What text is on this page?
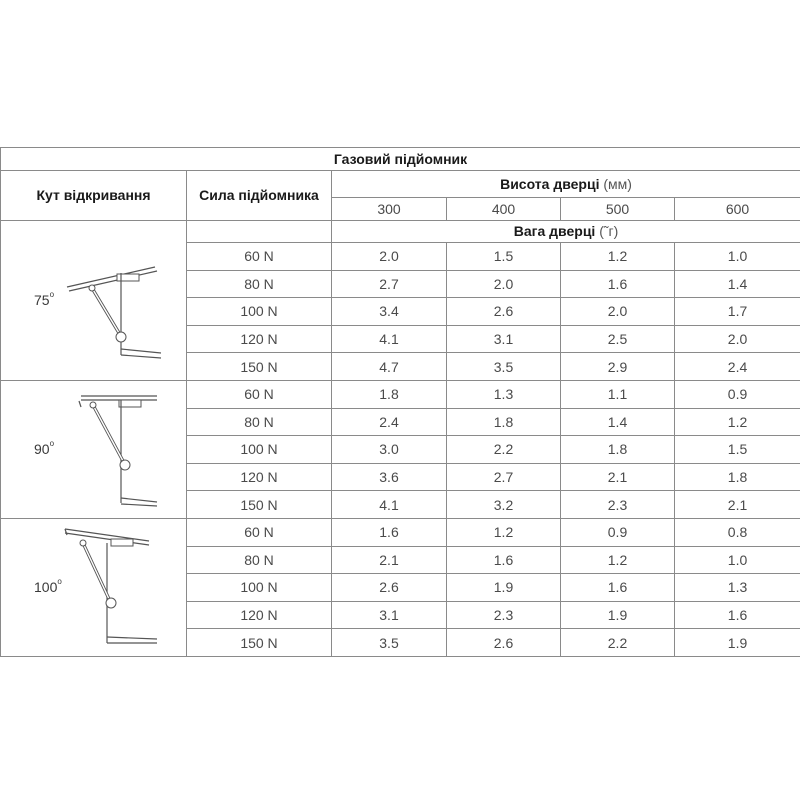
Газовий підйомник					
Кут відкривання	Сила підйомника	Висота дверці (мм)			
		300	400	500	600

75$^o$		Вага дверці (˜г)			
	60 N	2.0	1.5	1.2	1.0
	80 N	2.7	2.0	1.6	1.4
	100 N	3.4	2.6	2.0	1.7
	120 N	4.1	3.1	2.5	2.0
	150 N	4.7	3.5	2.9	2.4

90$^o$	60 N	1.8	1.3	1.1	0.9
	80 N	2.4	1.8	1.4	1.2
	100 N	3.0	2.2	1.8	1.5
	120 N	3.6	2.7	2.1	1.8
	150 N	4.1	3.2	2.3	2.1

100$^o$	60 N	1.6	1.2	0.9	0.8
	80 N	2.1	1.6	1.2	1.0
	100 N	2.6	1.9	1.6	1.3
	120 N	3.1	2.3	1.9	1.6
	150 N	3.5	2.6	2.2	1.9
